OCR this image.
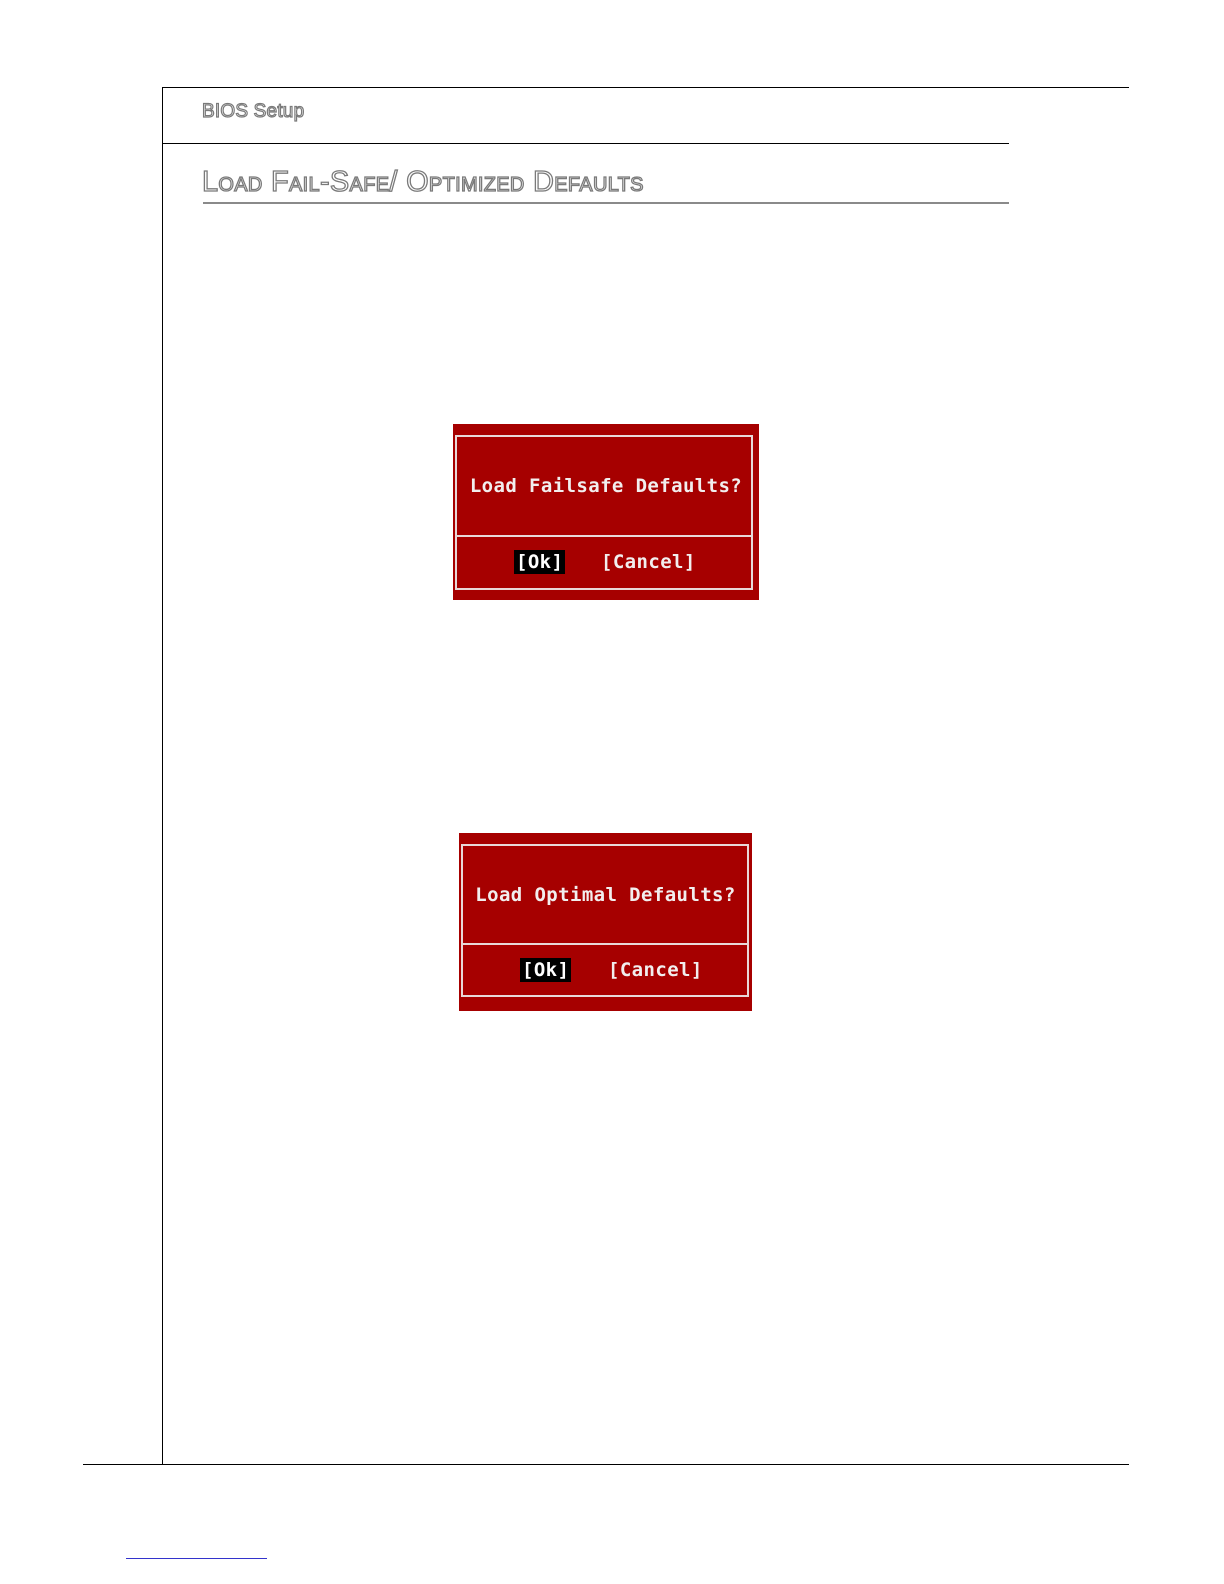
BIOS Setup
Load Fail-Safe/ Optimized Defaults
Load Failsafe Defaults?
[Ok] [Cancel]
Load Optimal Defaults?
[Ok] [Cancel]
